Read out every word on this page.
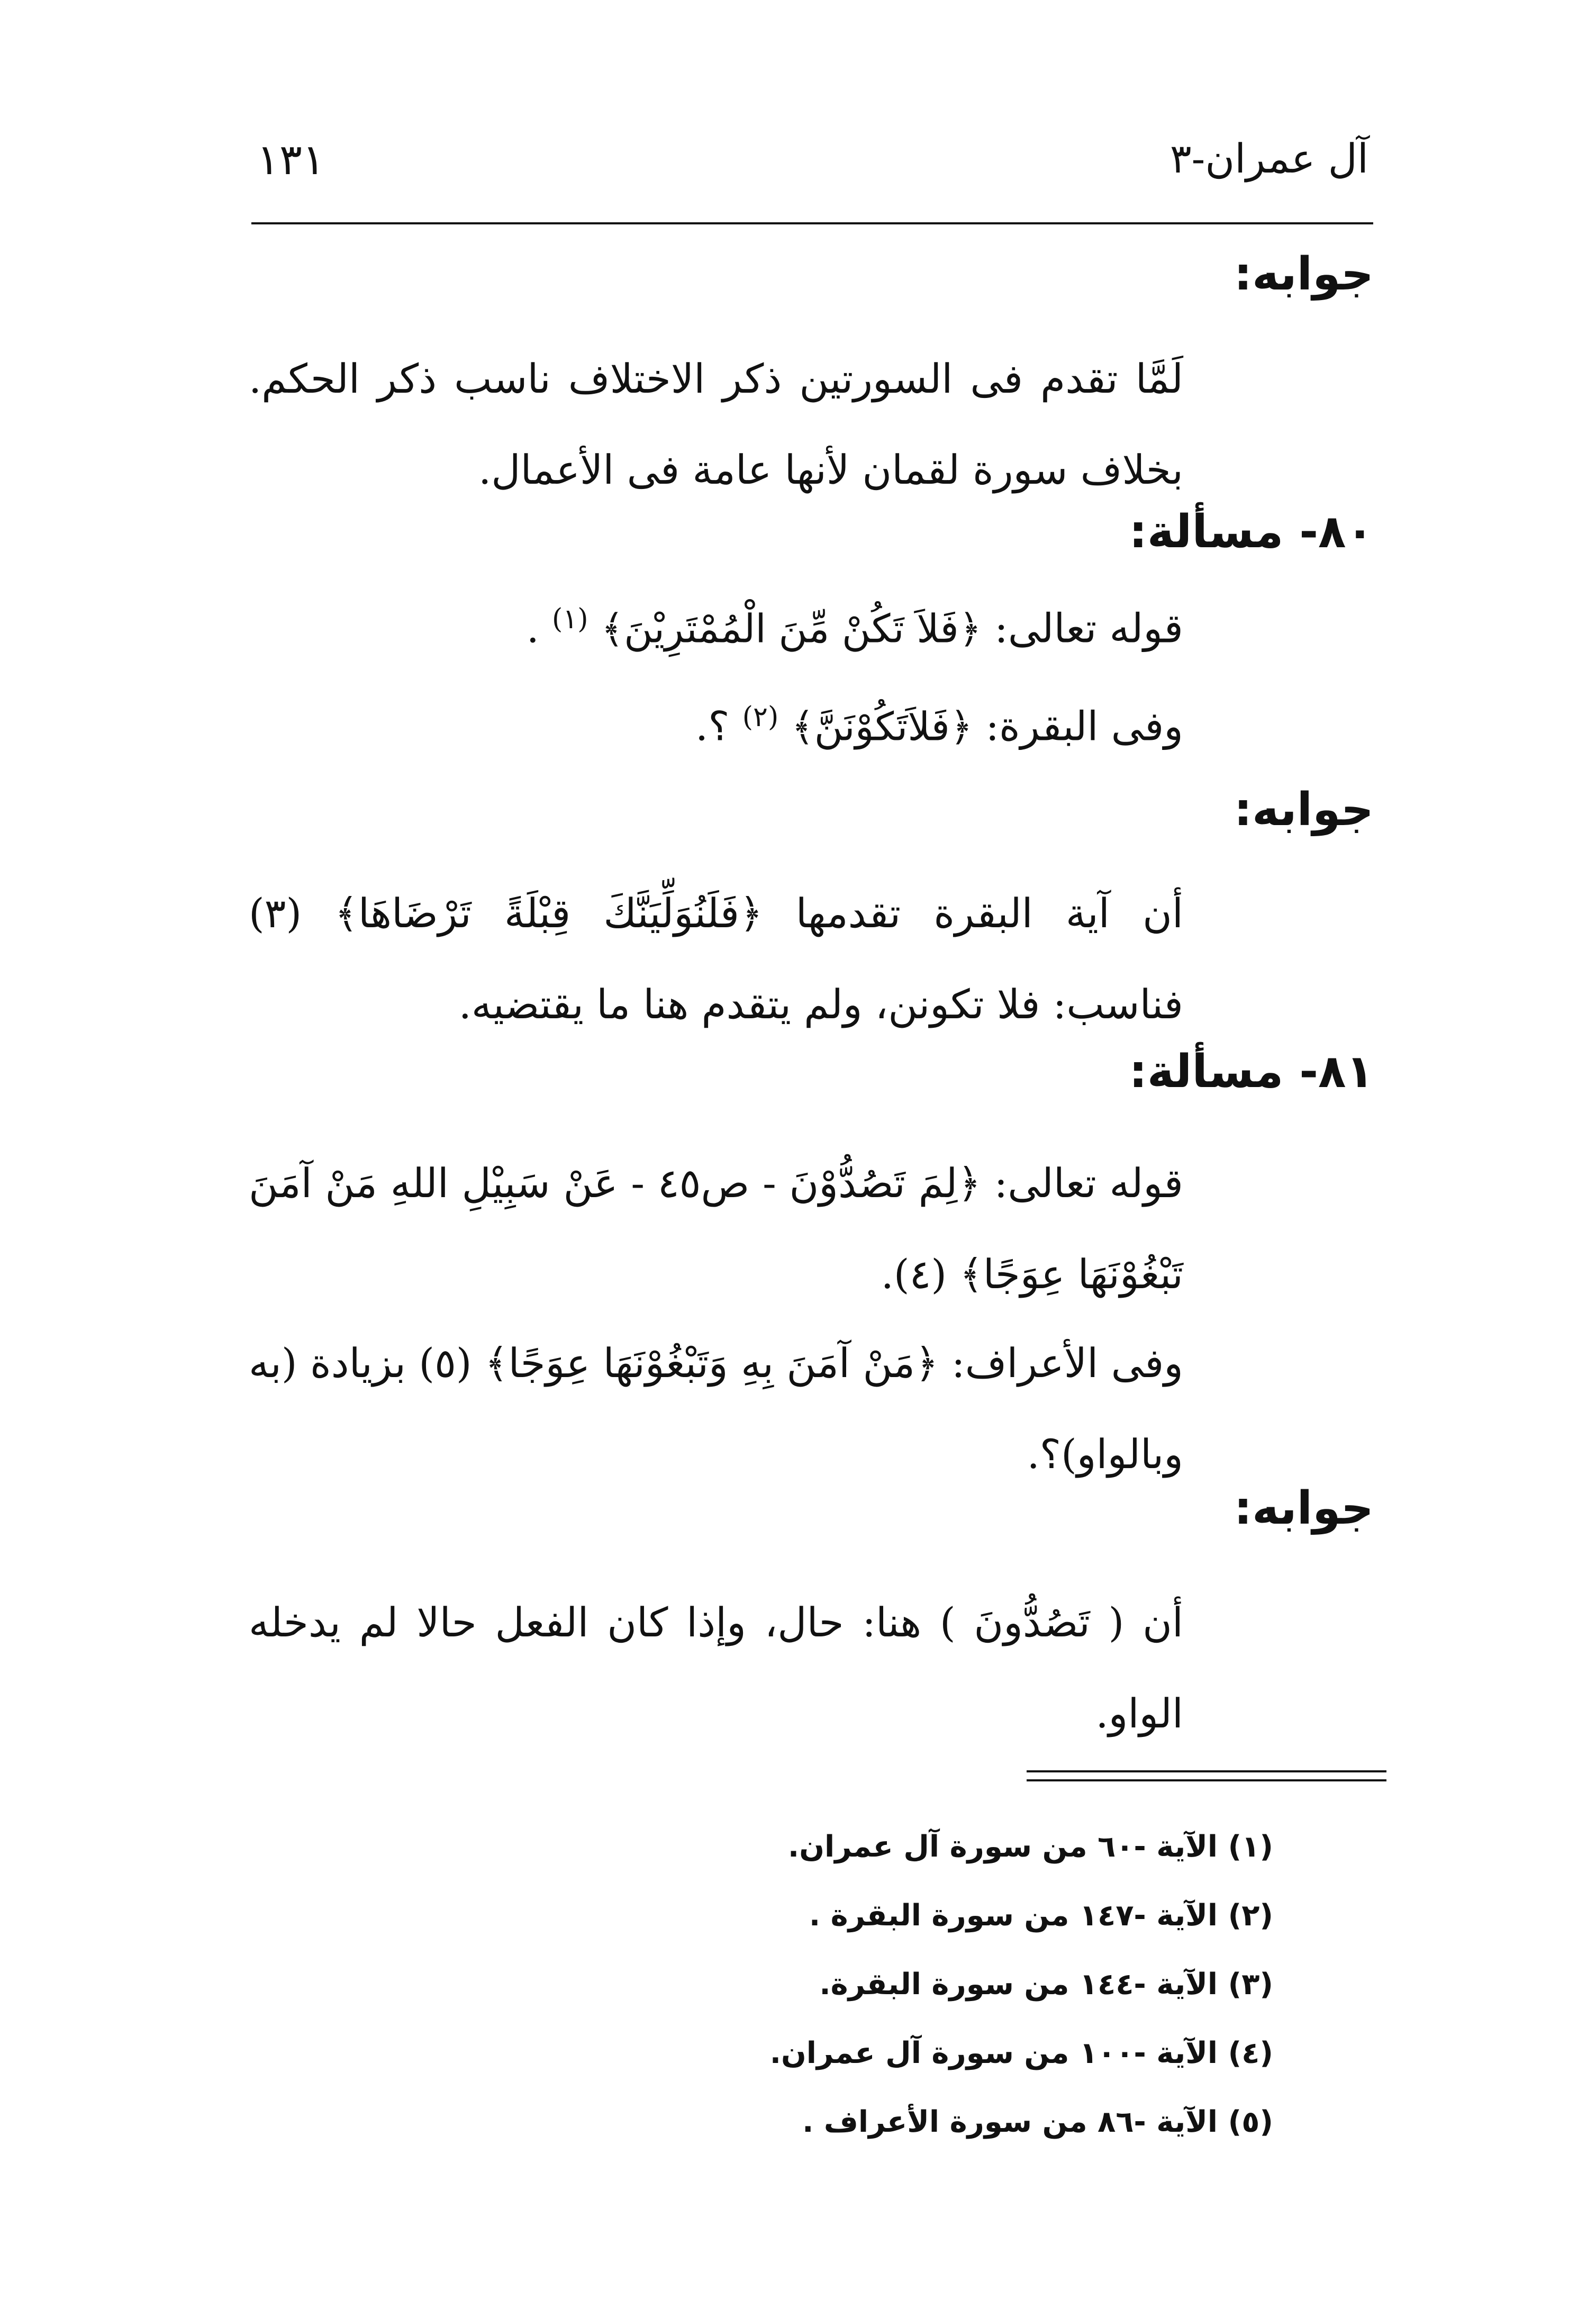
آل عمران-٣
١٣١
جوابه:
لَمَّا تقدم فى السورتين ذكر الاختلاف ناسب ذكر الحكم. بخلاف سورة لقمان لأنها عامة فى الأعمال.
٨٠- مسألة:
قوله تعالى: ﴿فَلاَ تَكُنْ مِّنَ الْمُمْتَرِيْنَ﴾ $^{(١)}$ .
وفى البقرة: ﴿فَلاَتَكُوْنَنَّ﴾ $^{(٢)}$ ؟.
جوابه:
أن آية البقرة تقدمها ﴿فَلَنُوَلِّيَنَّكَ قِبْلَةً تَرْضَاهَا﴾ (٣) فناسب: فلا تكونن، ولم يتقدم هنا ما يقتضيه.
٨١- مسألة:
قوله تعالى: ﴿لِمَ تَصُدُّوْنَ - ص٤٥ - عَنْ سَبِيْلِ اللهِ مَنْ آمَنَ تَبْغُوْنَهَا عِوَجًا﴾ (٤).
وفى الأعراف: ﴿مَنْ آمَنَ بِهِ وَتَبْغُوْنَهَا عِوَجًا﴾ (٥) بزيادة (به وبالواو)؟.
جوابه:
أن ( تَصُدُّونَ ) هنا: حال، وإذا كان الفعل حالا لم يدخله الواو.
(١) الآية -٦٠ من سورة آل عمران.
(٢) الآية -١٤٧ من سورة البقرة .
(٣) الآية -١٤٤ من سورة البقرة.
(٤) الآية -١٠٠ من سورة آل عمران.
(٥) الآية -٨٦ من سورة الأعراف .
